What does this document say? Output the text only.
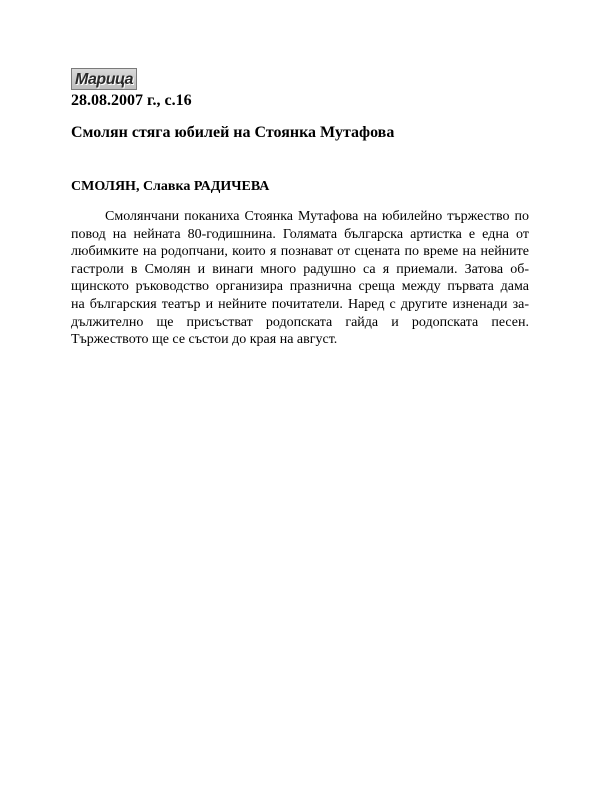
Марица
28.08.2007 г., с.16
Смолян стяга юбилей на Стоянка Мутафова
СМОЛЯН, Славка РАДИЧЕВА
Смолянчани поканиха Стоянка Мутафова на юбилейно тържество по
повод на нейната 80-годишнина. Голямата българска артистка е една от
любимките на родопчани, които я познават от сцената по време на нейните
гастроли в Смолян и винаги много радушно са я приемали. Затова об-
щинското ръководство организира празнична среща между първата дама
на българския театър и нейните почитатели. Наред с другите изненади за-
дължително ще присъстват родопската гайда и родопската песен.
Тържеството ще се състои до края на август.
